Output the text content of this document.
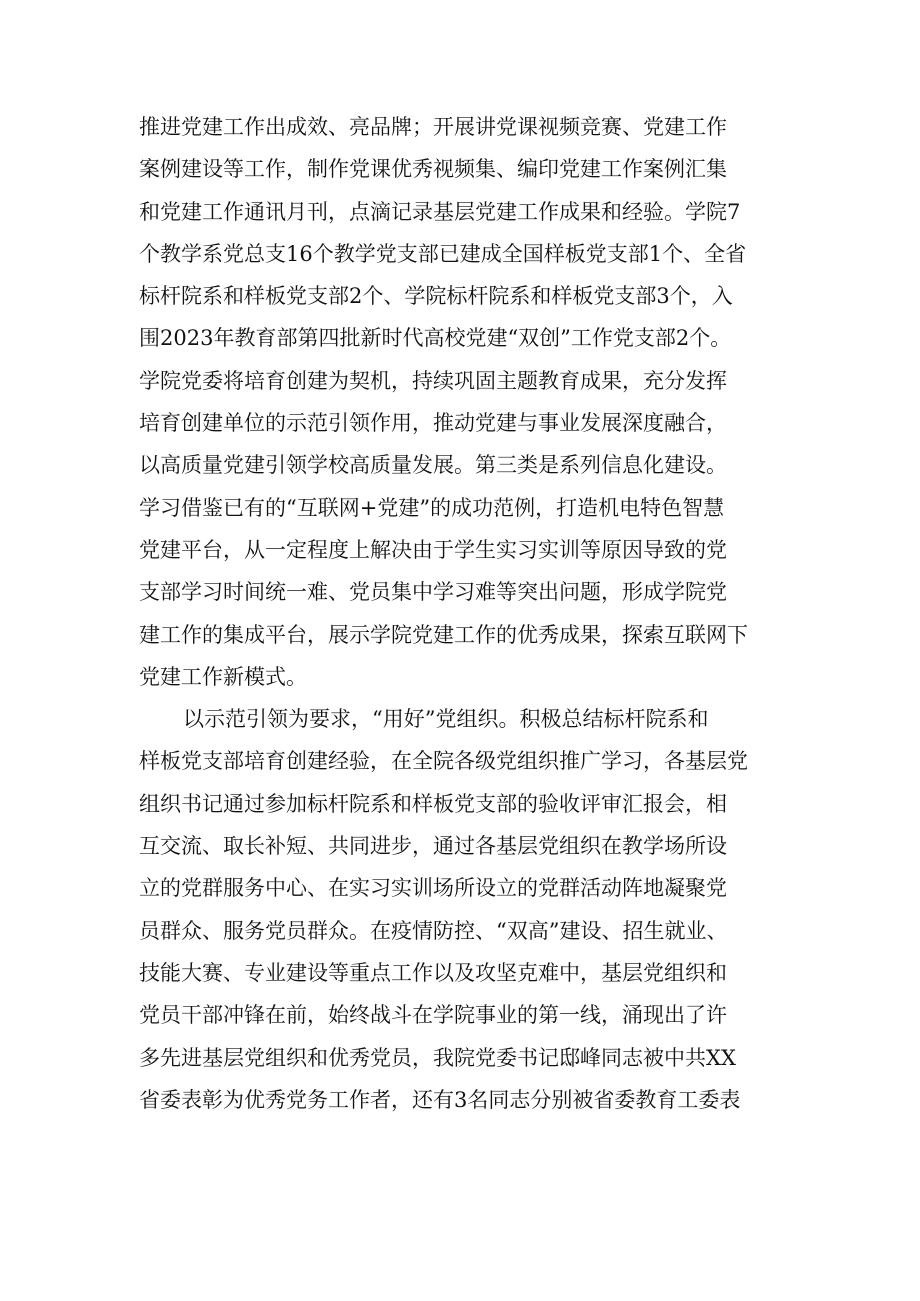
推进党建工作出成效、亮品牌；开展讲党课视频竞赛、党建工作
案例建设等工作，制作党课优秀视频集、编印党建工作案例汇集
和党建工作通讯月刊，点滴记录基层党建工作成果和经验。学院7
个教学系党总支16个教学党支部已建成全国样板党支部1个、全省
标杆院系和样板党支部2个、学院标杆院系和样板党支部3个，入
围2023年教育部第四批新时代高校党建“双创”工作党支部2个。
学院党委将培育创建为契机，持续巩固主题教育成果，充分发挥
培育创建单位的示范引领作用，推动党建与事业发展深度融合，
以高质量党建引领学校高质量发展。第三类是系列信息化建设。
学习借鉴已有的“互联网+党建”的成功范例，打造机电特色智慧
党建平台，从一定程度上解决由于学生实习实训等原因导致的党
支部学习时间统一难、党员集中学习难等突出问题，形成学院党
建工作的集成平台，展示学院党建工作的优秀成果，探索互联网下
党建工作新模式。
以示范引领为要求，“用好”党组织。积极总结标杆院系和
样板党支部培育创建经验，在全院各级党组织推广学习，各基层党
组织书记通过参加标杆院系和样板党支部的验收评审汇报会，相
互交流、取长补短、共同进步，通过各基层党组织在教学场所设
立的党群服务中心、在实习实训场所设立的党群活动阵地凝聚党
员群众、服务党员群众。在疫情防控、“双高”建设、招生就业、
技能大赛、专业建设等重点工作以及攻坚克难中，基层党组织和
党员干部冲锋在前，始终战斗在学院事业的第一线，涌现出了许
多先进基层党组织和优秀党员，我院党委书记邸峰同志被中共XX
省委表彰为优秀党务工作者，还有3名同志分别被省委教育工委表
